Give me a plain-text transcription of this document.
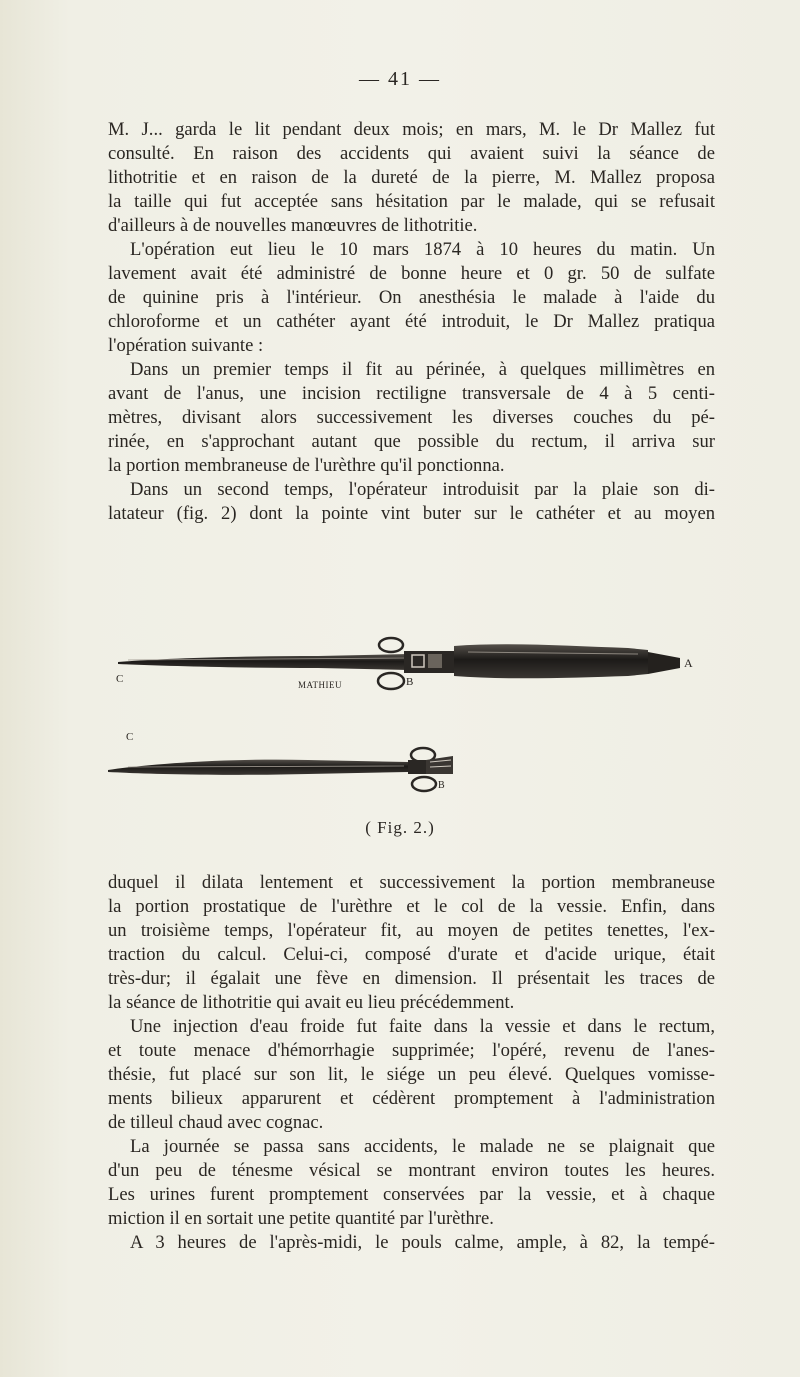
— 41 —

M. J... garda le lit pendant deux mois; en mars, M. le Dr Mallez fut
consulté. En raison des accidents qui avaient suivi la séance de
lithotritie et en raison de la dureté de la pierre, M. Mallez proposa
la taille qui fut acceptée sans hésitation par le malade, qui se refusait
d'ailleurs à de nouvelles manœuvres de lithotritie.

L'opération eut lieu le 10 mars 1874 à 10 heures du matin. Un
lavement avait été administré de bonne heure et 0 gr. 50 de sulfate
de quinine pris à l'intérieur. On anesthésia le malade à l'aide du
chloroforme et un cathéter ayant été introduit, le Dr Mallez pratiqua
l'opération suivante :

Dans un premier temps il fit au périnée, à quelques millimètres en
avant de l'anus, une incision rectiligne transversale de 4 à 5 centi-
mètres, divisant alors successivement les diverses couches du pé-
rinée, en s'approchant autant que possible du rectum, il arriva sur
la portion membraneuse de l'urèthre qu'il ponctionna.

Dans un second temps, l'opérateur introduisit par la plaie son di-
latateur (fig. 2) dont la pointe vint buter sur le cathéter et au moyen

C
A
B
MATHIEU
C
B
( Fig. 2.)

duquel il dilata lentement et successivement la portion membraneuse
la portion prostatique de l'urèthre et le col de la vessie. Enfin, dans
un troisième temps, l'opérateur fit, au moyen de petites tenettes, l'ex-
traction du calcul. Celui-ci, composé d'urate et d'acide urique, était
très-dur; il égalait une fève en dimension. Il présentait les traces de
la séance de lithotritie qui avait eu lieu précédemment.

Une injection d'eau froide fut faite dans la vessie et dans le rectum,
et toute menace d'hémorrhagie supprimée; l'opéré, revenu de l'anes-
thésie, fut placé sur son lit, le siége un peu élevé. Quelques vomisse-
ments bilieux apparurent et cédèrent promptement à l'administration
de tilleul chaud avec cognac.

La journée se passa sans accidents, le malade ne se plaignait que
d'un peu de ténesme vésical se montrant environ toutes les heures.
Les urines furent promptement conservées par la vessie, et à chaque
miction il en sortait une petite quantité par l'urèthre.

A 3 heures de l'après-midi, le pouls calme, ample, à 82, la tempé-
